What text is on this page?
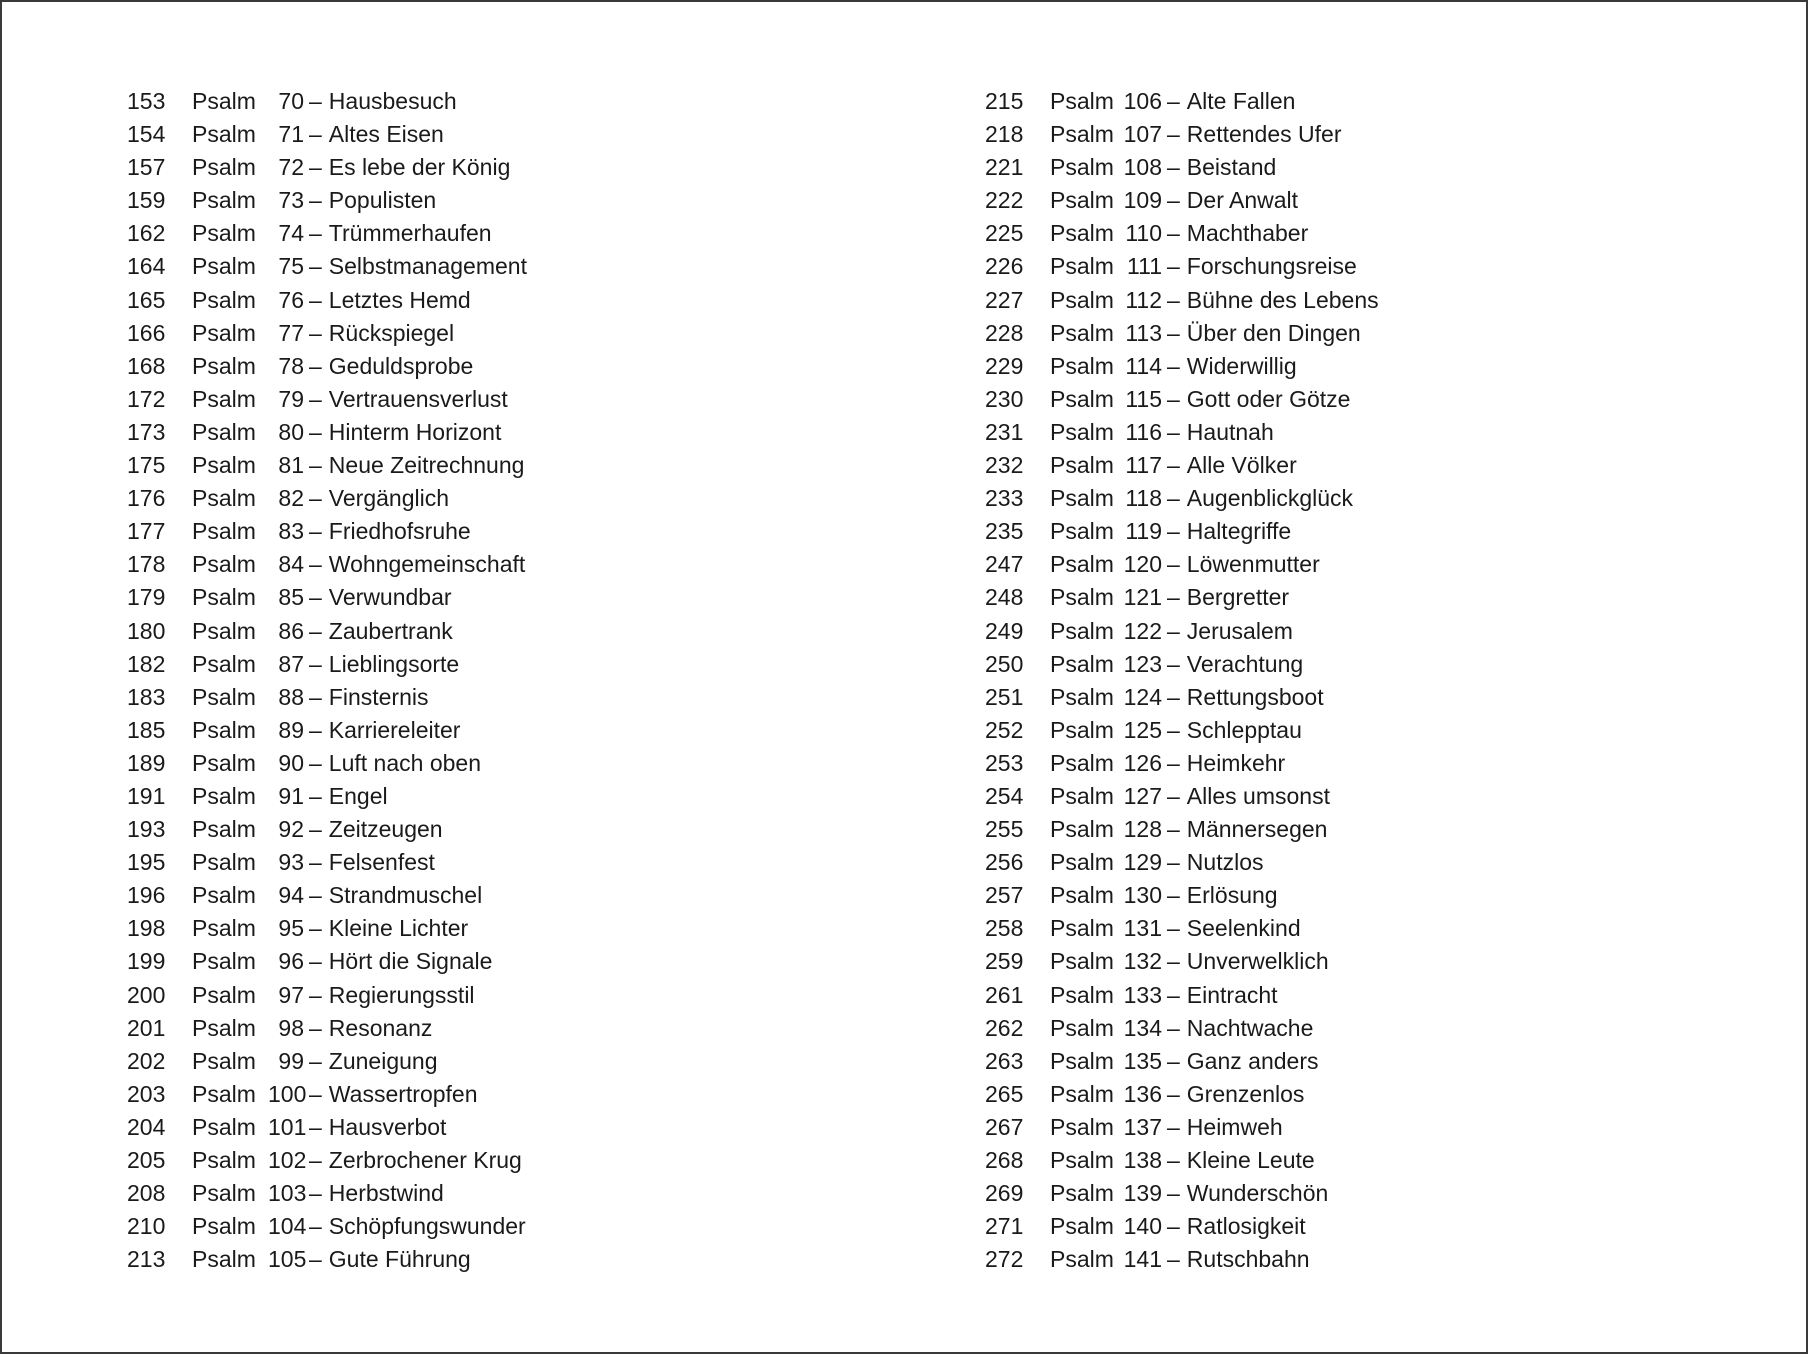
153	Psalm 70 – Hausbesuch
154	Psalm 71 – Altes Eisen
157	Psalm 72 – Es lebe der König
159	Psalm 73 – Populisten
162	Psalm 74 – Trümmerhaufen
164	Psalm 75 – Selbstmanagement
165	Psalm 76 – Letztes Hemd
166	Psalm 77 – Rückspiegel
168	Psalm 78 – Geduldsprobe
172	Psalm 79 – Vertrauensverlust
173	Psalm 80 – Hinterm Horizont
175	Psalm 81 – Neue Zeitrechnung
176	Psalm 82 – Vergänglich
177	Psalm 83 – Friedhofsruhe
178	Psalm 84 – Wohngemeinschaft
179	Psalm 85 – Verwundbar
180	Psalm 86 – Zaubertrank
182	Psalm 87 – Lieblingsorte
183	Psalm 88 – Finsternis
185	Psalm 89 – Karriereleiter
189	Psalm 90 – Luft nach oben
191	Psalm 91 – Engel
193	Psalm 92 – Zeitzeugen
195	Psalm 93 – Felsenfest
196	Psalm 94 – Strandmuschel
198	Psalm 95 – Kleine Lichter
199	Psalm 96 – Hört die Signale
200	Psalm 97 – Regierungsstil
201	Psalm 98 – Resonanz
202	Psalm 99 – Zuneigung
203	Psalm 100 – Wassertropfen
204	Psalm 101 – Hausverbot
205	Psalm 102 – Zerbrochener Krug
208	Psalm 103 – Herbstwind
210	Psalm 104 – Schöpfungswunder
213	Psalm 105 – Gute Führung
215	Psalm 106 – Alte Fallen
218	Psalm 107 – Rettendes Ufer
221	Psalm 108 – Beistand
222	Psalm 109 – Der Anwalt
225	Psalm 110 – Machthaber
226	Psalm 111 – Forschungsreise
227	Psalm 112 – Bühne des Lebens
228	Psalm 113 – Über den Dingen
229	Psalm 114 – Widerwillig
230	Psalm 115 – Gott oder Götze
231	Psalm 116 – Hautnah
232	Psalm 117 – Alle Völker
233	Psalm 118 – Augenblickglück
235	Psalm 119 – Haltegriffe
247	Psalm 120 – Löwenmutter
248	Psalm 121 – Bergretter
249	Psalm 122 – Jerusalem
250	Psalm 123 – Verachtung
251	Psalm 124 – Rettungsboot
252	Psalm 125 – Schlepptau
253	Psalm 126 – Heimkehr
254	Psalm 127 – Alles umsonst
255	Psalm 128 – Männersegen
256	Psalm 129 – Nutzlos
257	Psalm 130 – Erlösung
258	Psalm 131 – Seelenkind
259	Psalm 132 – Unverwelklich
261	Psalm 133 – Eintracht
262	Psalm 134 – Nachtwache
263	Psalm 135 – Ganz anders
265	Psalm 136 – Grenzenlos
267	Psalm 137 – Heimweh
268	Psalm 138 – Kleine Leute
269	Psalm 139 – Wunderschön
271	Psalm 140 – Ratlosigkeit
272	Psalm 141 – Rutschbahn
